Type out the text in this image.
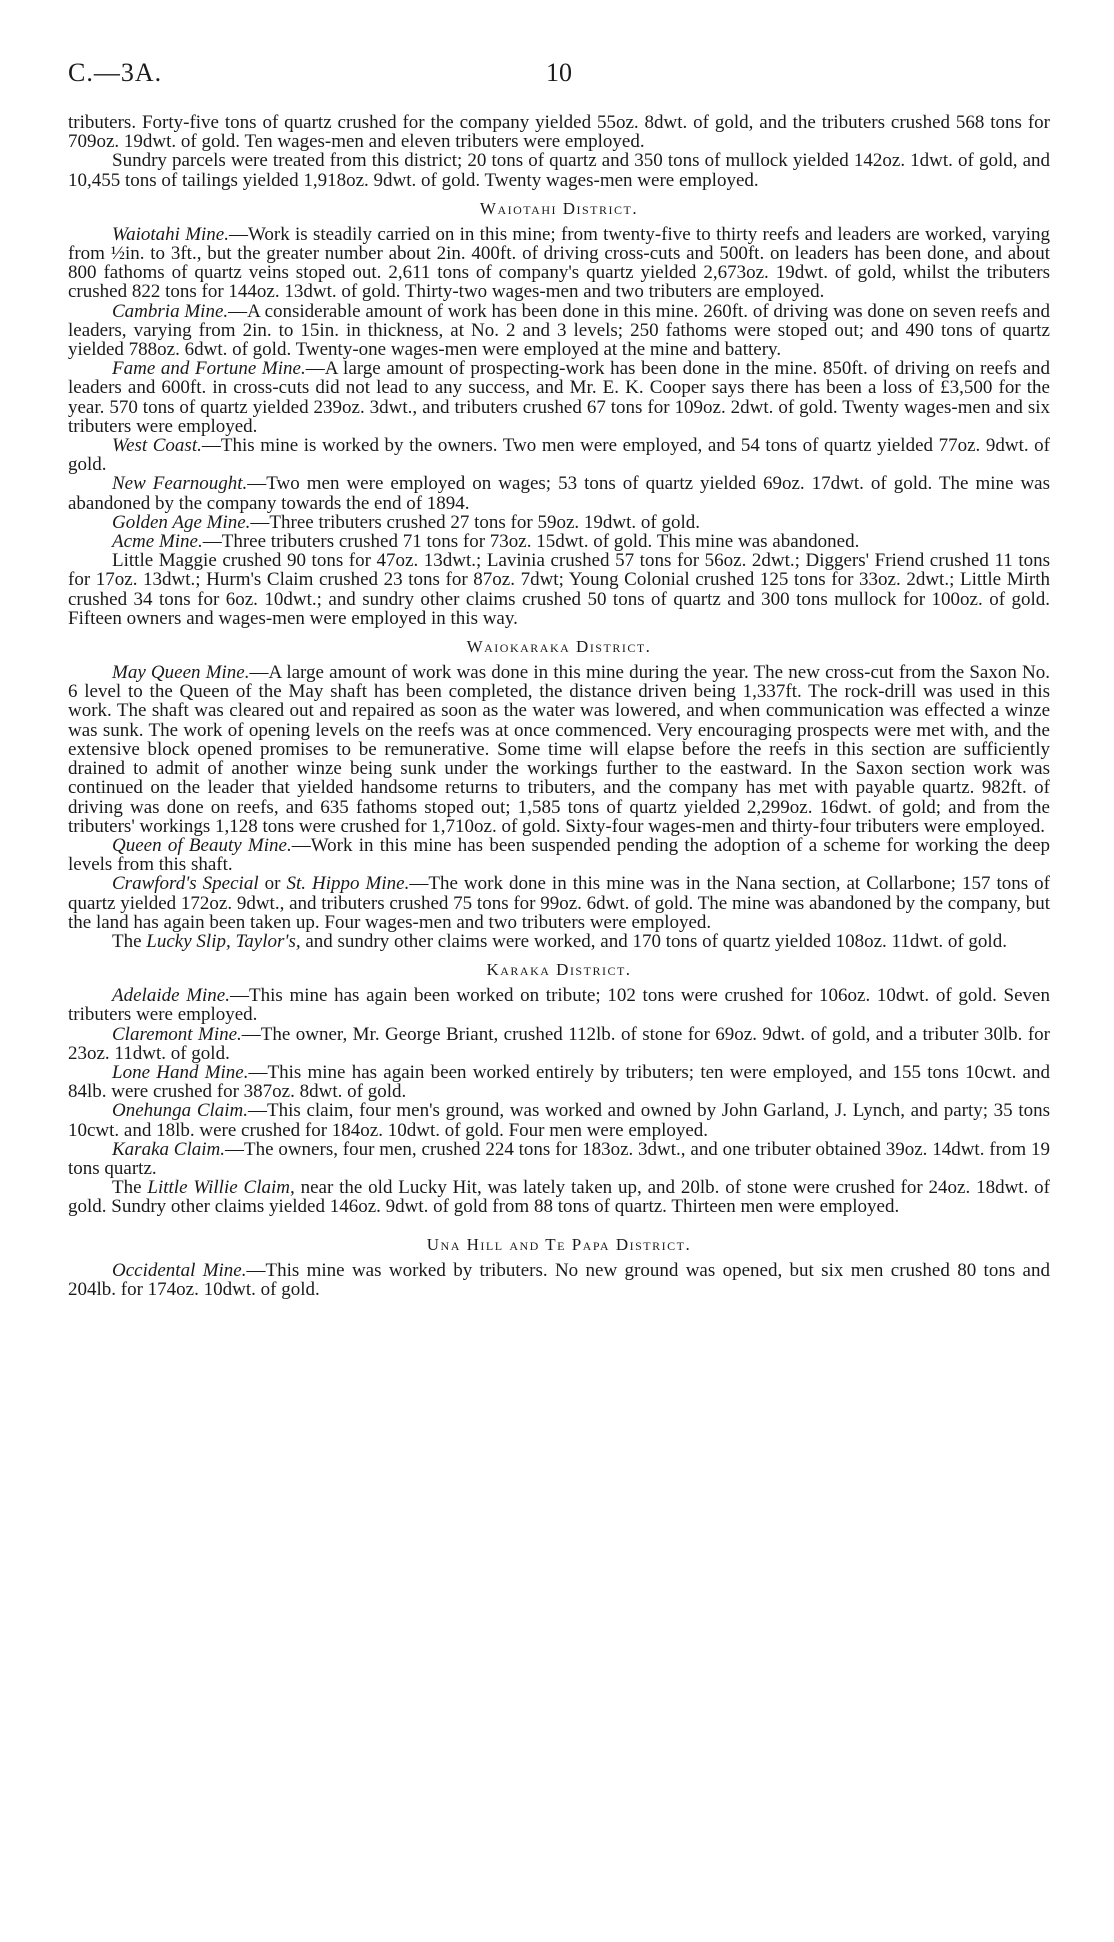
C.—3A.	10

tributers. Forty-five tons of quartz crushed for the company yielded 55oz. 8dwt. of gold, and the tributers crushed 568 tons for 709oz. 19dwt. of gold. Ten wages-men and eleven tributers were employed.

Sundry parcels were treated from this district; 20 tons of quartz and 350 tons of mullock yielded 142oz. 1dwt. of gold, and 10,455 tons of tailings yielded 1,918oz. 9dwt. of gold. Twenty wages-men were employed.

Waiotahi District.

Waiotahi Mine.—Work is steadily carried on in this mine; from twenty-five to thirty reefs and leaders are worked, varying from ½in. to 3ft., but the greater number about 2in. 400ft. of driving cross-cuts and 500ft. on leaders has been done, and about 800 fathoms of quartz veins stoped out. 2,611 tons of company's quartz yielded 2,673oz. 19dwt. of gold, whilst the tributers crushed 822 tons for 144oz. 13dwt. of gold. Thirty-two wages-men and two tributers are employed.

Cambria Mine.—A considerable amount of work has been done in this mine. 260ft. of driving was done on seven reefs and leaders, varying from 2in. to 15in. in thickness, at No. 2 and 3 levels; 250 fathoms were stoped out; and 490 tons of quartz yielded 788oz. 6dwt. of gold. Twenty-one wages-men were employed at the mine and battery.

Fame and Fortune Mine.—A large amount of prospecting-work has been done in the mine. 850ft. of driving on reefs and leaders and 600ft. in cross-cuts did not lead to any success, and Mr. E. K. Cooper says there has been a loss of £3,500 for the year. 570 tons of quartz yielded 239oz. 3dwt., and tributers crushed 67 tons for 109oz. 2dwt. of gold. Twenty wages-men and six tributers were employed.

West Coast.—This mine is worked by the owners. Two men were employed, and 54 tons of quartz yielded 77oz. 9dwt. of gold.

New Fearnought.—Two men were employed on wages; 53 tons of quartz yielded 69oz. 17dwt. of gold. The mine was abandoned by the company towards the end of 1894.

Golden Age Mine.—Three tributers crushed 27 tons for 59oz. 19dwt. of gold.

Acme Mine.—Three tributers crushed 71 tons for 73oz. 15dwt. of gold. This mine was abandoned.

Little Maggie crushed 90 tons for 47oz. 13dwt.; Lavinia crushed 57 tons for 56oz. 2dwt.; Diggers' Friend crushed 11 tons for 17oz. 13dwt.; Hurm's Claim crushed 23 tons for 87oz. 7dwt; Young Colonial crushed 125 tons for 33oz. 2dwt.; Little Mirth crushed 34 tons for 6oz. 10dwt.; and sundry other claims crushed 50 tons of quartz and 300 tons mullock for 100oz. of gold. Fifteen owners and wages-men were employed in this way.

Waiokaraka District.

May Queen Mine.—A large amount of work was done in this mine during the year. The new cross-cut from the Saxon No. 6 level to the Queen of the May shaft has been completed, the distance driven being 1,337ft. The rock-drill was used in this work. The shaft was cleared out and repaired as soon as the water was lowered, and when communication was effected a winze was sunk. The work of opening levels on the reefs was at once commenced. Very encouraging prospects were met with, and the extensive block opened promises to be remunerative. Some time will elapse before the reefs in this section are sufficiently drained to admit of another winze being sunk under the workings further to the eastward. In the Saxon section work was continued on the leader that yielded handsome returns to tributers, and the company has met with payable quartz. 982ft. of driving was done on reefs, and 635 fathoms stoped out; 1,585 tons of quartz yielded 2,299oz. 16dwt. of gold; and from the tributers' workings 1,128 tons were crushed for 1,710oz. of gold. Sixty-four wages-men and thirty-four tributers were employed.

Queen of Beauty Mine.—Work in this mine has been suspended pending the adoption of a scheme for working the deep levels from this shaft.

Crawford's Special or St. Hippo Mine.—The work done in this mine was in the Nana section, at Collarbone; 157 tons of quartz yielded 172oz. 9dwt., and tributers crushed 75 tons for 99oz. 6dwt. of gold. The mine was abandoned by the company, but the land has again been taken up. Four wages-men and two tributers were employed.

The Lucky Slip, Taylor's, and sundry other claims were worked, and 170 tons of quartz yielded 108oz. 11dwt. of gold.

Karaka District.

Adelaide Mine.—This mine has again been worked on tribute; 102 tons were crushed for 106oz. 10dwt. of gold. Seven tributers were employed.

Claremont Mine.—The owner, Mr. George Briant, crushed 112lb. of stone for 69oz. 9dwt. of gold, and a tributer 30lb. for 23oz. 11dwt. of gold.

Lone Hand Mine.—This mine has again been worked entirely by tributers; ten were employed, and 155 tons 10cwt. and 84lb. were crushed for 387oz. 8dwt. of gold.

Onehunga Claim.—This claim, four men's ground, was worked and owned by John Garland, J. Lynch, and party; 35 tons 10cwt. and 18lb. were crushed for 184oz. 10dwt. of gold. Four men were employed.

Karaka Claim.—The owners, four men, crushed 224 tons for 183oz. 3dwt., and one tributer obtained 39oz. 14dwt. from 19 tons quartz.

The Little Willie Claim, near the old Lucky Hit, was lately taken up, and 20lb. of stone were crushed for 24oz. 18dwt. of gold. Sundry other claims yielded 146oz. 9dwt. of gold from 88 tons of quartz. Thirteen men were employed.

Una Hill and Te Papa District.

Occidental Mine.—This mine was worked by tributers. No new ground was opened, but six men crushed 80 tons and 204lb. for 174oz. 10dwt. of gold.
